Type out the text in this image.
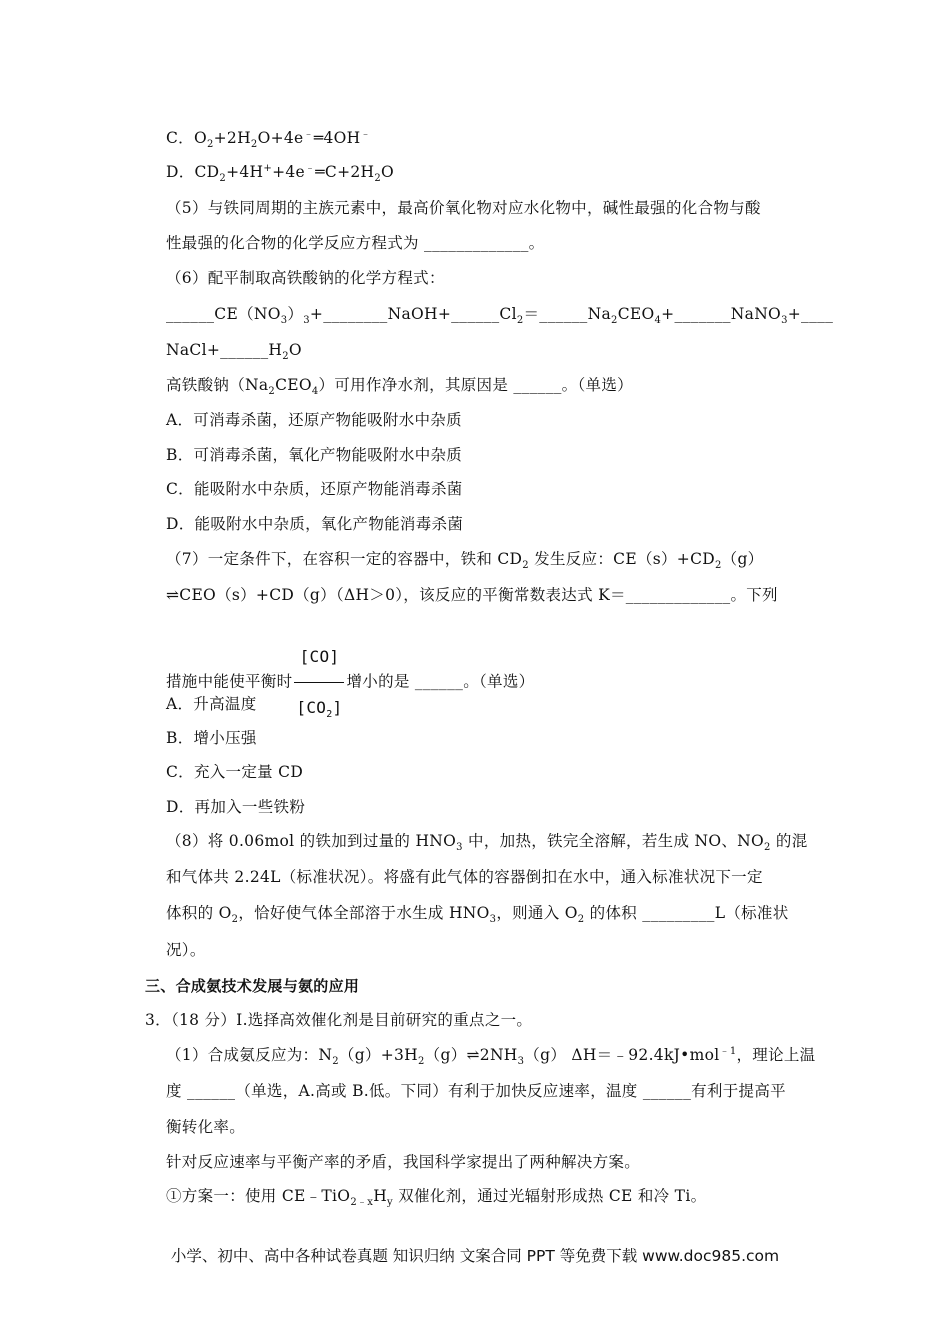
C．$O_2+2H_2O+4e^﹣═4OH^﹣$
D．$CD_2+4H^++4e^﹣═C+2H_2O$
（5）与铁同周期的主族元素中，最高价氧化物对应水化物中，碱性最强的化合物与酸
性最强的化合物的化学反应方程式为 _____________。
（6）配平制取高铁酸钠的化学方程式：
$\_\_\_\_\_\_CE(NO_3)_3+\_\_\_\_\_\_\_\_NaOH+\_\_\_\_\_\_Cl_2=\_\_\_\_\_\_Na_2CEO_4+\_\_\_\_\_\_\_NaNO_3+\_\_\_\_$
$NaCl+\_\_\_\_\_\_H_2O$
高铁酸钠$(Na_2CEO_4)$可用作净水剂，其原因是 ______。（单选）
A．可消毒杀菌，还原产物能吸附水中杂质
B．可消毒杀菌，氧化产物能吸附水中杂质
C．能吸附水中杂质，还原产物能消毒杀菌
D．能吸附水中杂质，氧化产物能消毒杀菌
（7）一定条件下，在容积一定的容器中，铁和 $CD_2$ 发生反应：$CE(s)+CD_2(g)$
⇌CEO（s）+CD（g）（ΔH＞0），该反应的平衡常数表达式 K＝_____________。下列
措施中能使平衡时 $\frac{[CO]}{[CO_2]}$ 增小的是 ______。（单选）
A．升高温度
B．增小压强
C．充入一定量 CD
D．再加入一些铁粉
（8）将 0.06mol 的铁加到过量的 $HNO_3$ 中，加热，铁完全溶解，若生成 NO、$NO_2$ 的混
和气体共 2.24L（标准状况）。将盛有此气体的容器倒扣在水中，通入标准状况下一定
体积的 $O_2$，恰好使气体全部溶于水生成 $HNO_3$，则通入 $O_2$ 的体积 _________L（标准状
况）。
三、合成氨技术发展与氨的应用
3．（18 分）Ⅰ.选择高效催化剂是目前研究的重点之一。
（1）合成氨反应为：$N_2(g)+3H_2(g)\rightleftharpoons 2NH_3(g)$ ΔH＝﹣92.4kJ•mol$^{﹣1}$，理论上温
度 ______（单选，A.高或 B.低。下同）有利于加快反应速率，温度 ______有利于提高平
衡转化率。
针对反应速率与平衡产率的矛盾，我国科学家提出了两种解决方案。
①方案一：使用 $CE﹣TiO_{2﹣x}H_y$ 双催化剂，通过光辐射形成热 CE 和冷 Ti。
小学、初中、高中各种试卷真题 知识归纳 文案合同 PPT 等免费下载 www.doc985.com
